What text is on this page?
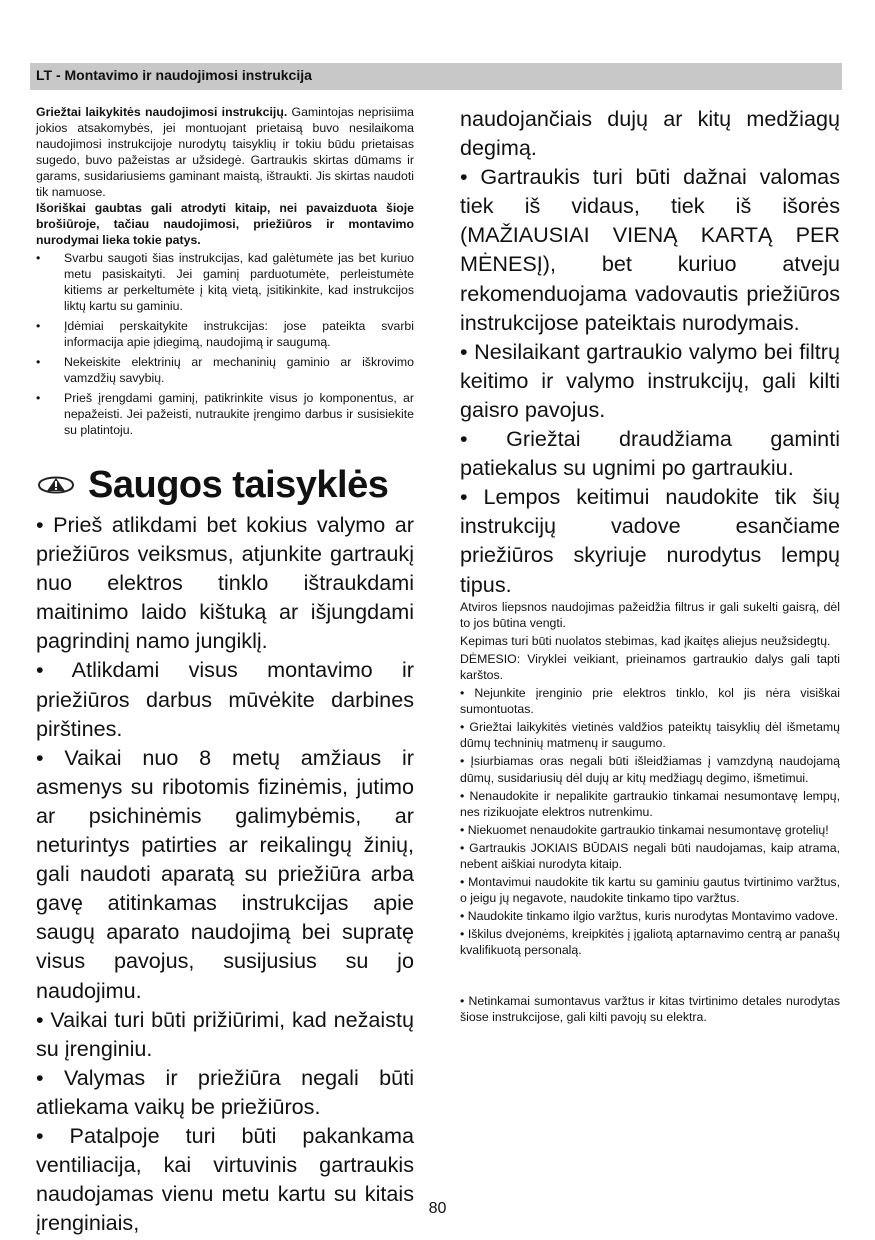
LT - Montavimo ir naudojimosi instrukcija

Griežtai laikykitės naudojimosi instrukcijų. Gamintojas neprisiima jokios atsakomybės, jei montuojant prietaisą buvo nesilaikoma naudojimosi instrukcijoje nurodytų taisyklių ir tokiu būdu prietaisas sugedo, buvo pažeistas ar užsidegė. Gartraukis skirtas dūmams ir garams, susidariusiems gaminant maistą, ištraukti. Jis skirtas naudoti tik namuose.

Išoriškai gaubtas gali atrodyti kitaip, nei pavaizduota šioje brošiūroje, tačiau naudojimosi, priežiūros ir montavimo nurodymai lieka tokie patys.

• Svarbu saugoti šias instrukcijas, kad galėtumėte jas bet kuriuo metu pasiskaityti. Jei gaminį parduotumėte, perleistumėte kitiems ar perkeltumėte į kitą vietą, įsitikinkite, kad instrukcijos liktų kartu su gaminiu.
• Įdėmiai perskaitykite instrukcijas: jose pateikta svarbi informacija apie įdiegimą, naudojimą ir saugumą.
• Nekeiskite elektrinių ar mechaninių gaminio ar iškrovimo vamzdžių savybių.
• Prieš įrengdami gaminį, patikrinkite visus jo komponentus, ar nepažeisti. Jei pažeisti, nutraukite įrengimo darbus ir susisiekite su platintoju.
Saugos taisyklės

• Prieš atlikdami bet kokius valymo ar priežiūros veiksmus, atjunkite gartraukį nuo elektros tinklo ištraukdami maitinimo laido kištuką ar išjungdami pagrindinį namo jungiklį.

• Atlikdami visus montavimo ir priežiūros darbus mūvėkite darbines pirštines.

• Vaikai nuo 8 metų amžiaus ir asmenys su ribotomis fizinėmis, jutimo ar psichinėmis galimybėmis, ar neturintys patirties ar reikalingų žinių, gali naudoti aparatą su priežiūra arba gavę atitinkamas instrukcijas apie saugų aparato naudojimą bei supratę visus pavojus, susijusius su jo naudojimu.

• Vaikai turi būti prižiūrimi, kad nežaistų su įrenginiu.

• Valymas ir priežiūra negali būti atliekama vaikų be priežiūros.

• Patalpoje turi būti pakankama ventiliacija, kai virtuvinis gartraukis naudojamas vienu metu kartu su kitais įrenginiais,

naudojančiais dujų ar kitų medžiagų degimą.

• Gartraukis turi būti dažnai valomas tiek iš vidaus, tiek iš išorės (MAŽIAUSIAI VIENĄ KARTĄ PER MĖNESĮ), bet kuriuo atveju rekomenduojama vadovautis priežiūros instrukcijose pateiktais nurodymais.

• Nesilaikant gartraukio valymo bei filtrų keitimo ir valymo instrukcijų, gali kilti gaisro pavojus.

• Griežtai draudžiama gaminti patiekalus su ugnimi po gartraukiu.

• Lempos keitimui naudokite tik šių instrukcijų vadove esančiame priežiūros skyriuje nurodytus lempų tipus.

Atviros liepsnos naudojimas pažeidžia filtrus ir gali sukelti gaisrą, dėl to jos būtina vengti.

Kepimas turi būti nuolatos stebimas, kad įkaitęs aliejus neužsidegtų.

DĖMESIO: Viryklei veikiant, prieinamos gartraukio dalys gali tapti karštos.

• Nejunkite įrenginio prie elektros tinklo, kol jis nėra visiškai sumontuotas.

• Griežtai laikykitės vietinės valdžios pateiktų taisyklių dėl išmetamų dūmų techninių matmenų ir saugumo.

• Įsiurbiamas oras negali būti išleidžiamas į vamzdyną naudojamą dūmų, susidariusių dėl dujų ar kitų medžiagų degimo, išmetimui.

• Nenaudokite ir nepalikite gartraukio tinkamai nesumontavę lempų, nes rizikuojate elektros nutrenkimu.

• Niekuomet nenaudokite gartraukio tinkamai nesumontavę grotelių!

• Gartraukis JOKIAIS BŪDAIS negali būti naudojamas, kaip atrama, nebent aiškiai nurodyta kitaip.

• Montavimui naudokite tik kartu su gaminiu gautus tvirtinimo varžtus, o jeigu jų negavote, naudokite tinkamo tipo varžtus.

• Naudokite tinkamo ilgio varžtus, kuris nurodytas Montavimo vadove.

• Iškilus dvejonėms, kreipkitės į įgaliotą aptarnavimo centrą ar panašų kvalifikuotą personalą.

• Netinkamai sumontavus varžtus ir kitas tvirtinimo detales nurodytas šiose instrukcijose, gali kilti pavojų su elektra.

80
